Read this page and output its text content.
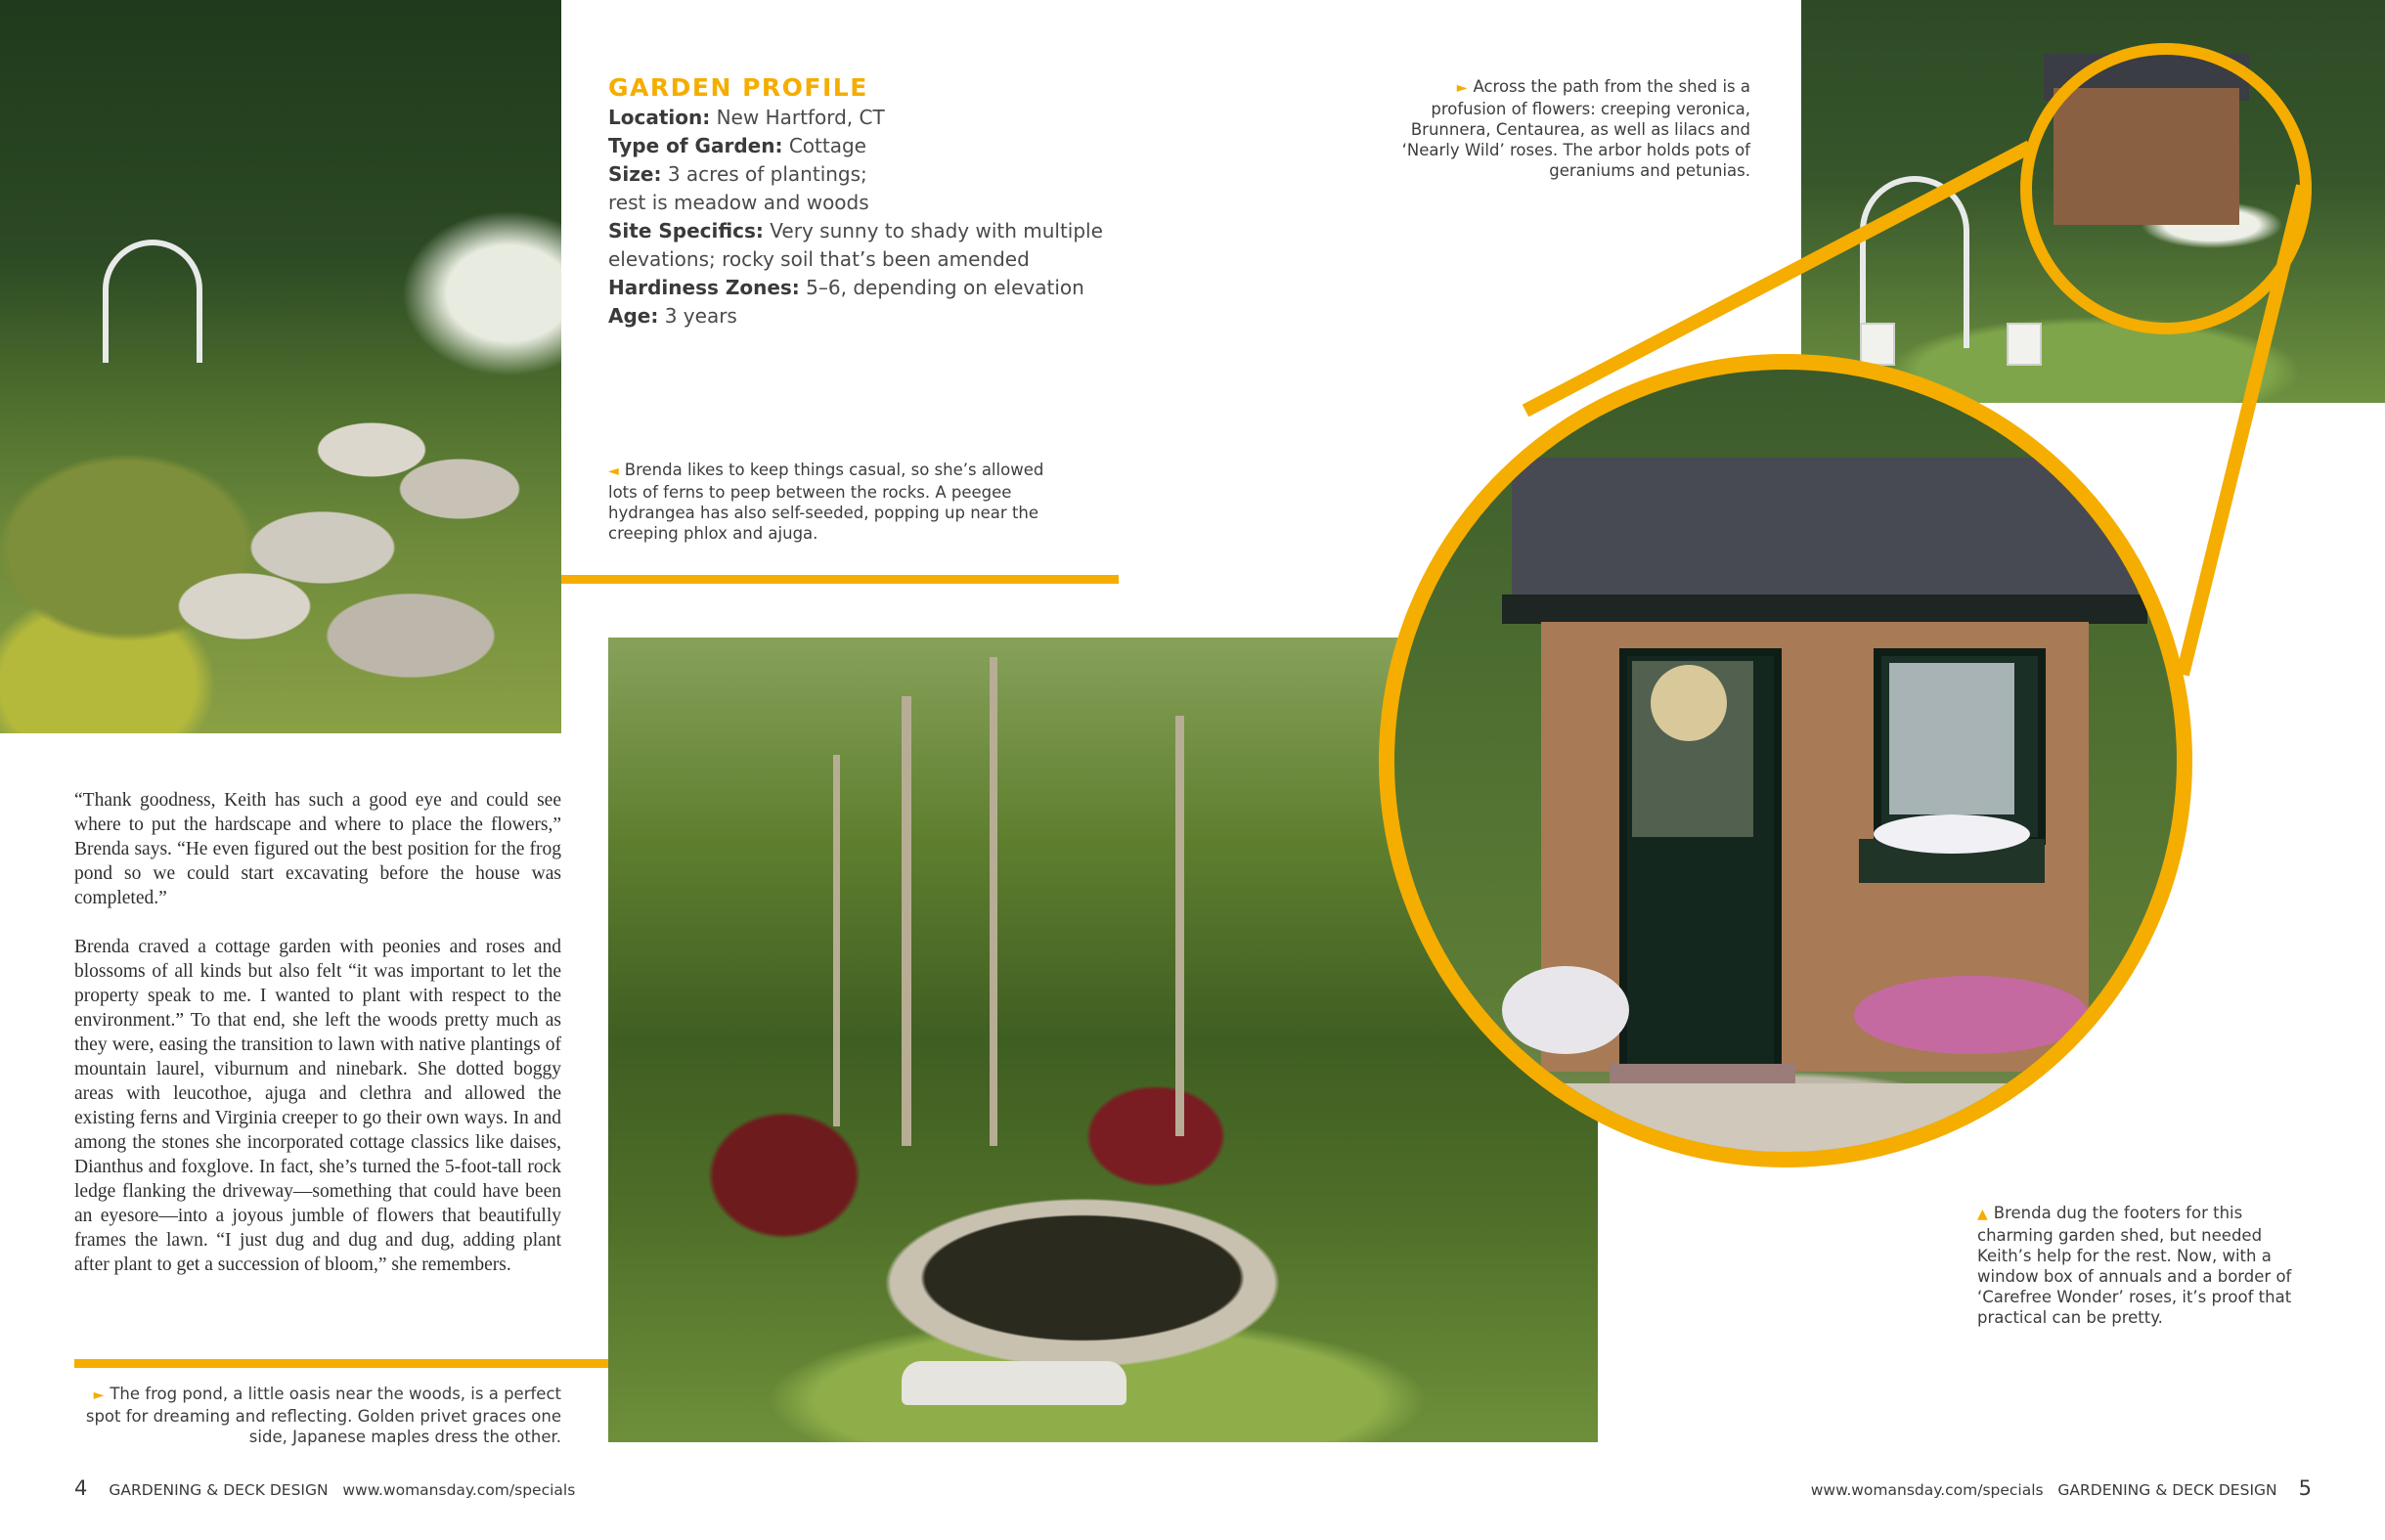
GARDEN PROFILE
Location: New Hartford, CT
Type of Garden: Cottage
Size: 3 acres of plantings;
rest is meadow and woods
Site Specifics: Very sunny to shady with multiple
elevations; rocky soil that’s been amended
Hardiness Zones: 5–6, depending on elevation
Age: 3 years
► Across the path from the shed is a profusion of flowers: creeping veronica, Brunnera, Centaurea, as well as lilacs and ‘Nearly Wild’ roses. The arbor holds pots of geraniums and petunias.
◄ Brenda likes to keep things casual, so she’s allowed lots of ferns to peep between the rocks. A peegee hydrangea has also self-seeded, popping up near the creeping phlox and ajuga.
▲ Brenda dug the footers for this charming garden shed, but needed Keith’s help for the rest. Now, with a window box of annuals and a border of ‘Carefree Wonder’ roses, it’s proof that practical can be pretty.

“Thank goodness, Keith has such a good eye and could see where to put the hardscape and where to place the flowers,” Brenda says. “He even figured out the best position for the frog pond so we could start excavating before the house was completed.”

Brenda craved a cottage garden with peonies and roses and blossoms of all kinds but also felt “it was important to let the property speak to me. I wanted to plant with respect to the environment.” To that end, she left the woods pretty much as they were, easing the transition to lawn with native plantings of mountain laurel, viburnum and ninebark. She dotted boggy areas with leucothoe, ajuga and clethra and allowed the existing ferns and Virginia creeper to go their own ways. In and among the stones she incorporated cottage classics like daises, Dianthus and foxglove. In fact, she’s turned the 5-foot-tall rock ledge flanking the driveway—something that could have been an eyesore—into a joyous jumble of flowers that beautifully frames the lawn. “I just dug and dug and dug, adding plant after plant to get a succession of bloom,” she remembers.

► The frog pond, a little oasis near the woods, is a perfect spot for dreaming and reflecting. Golden privet graces one side, Japanese maples dress the other.
4 GARDENING & DECK DESIGN www.womansday.com/specials	www.womansday.com/specials GARDENING & DECK DESIGN 5
